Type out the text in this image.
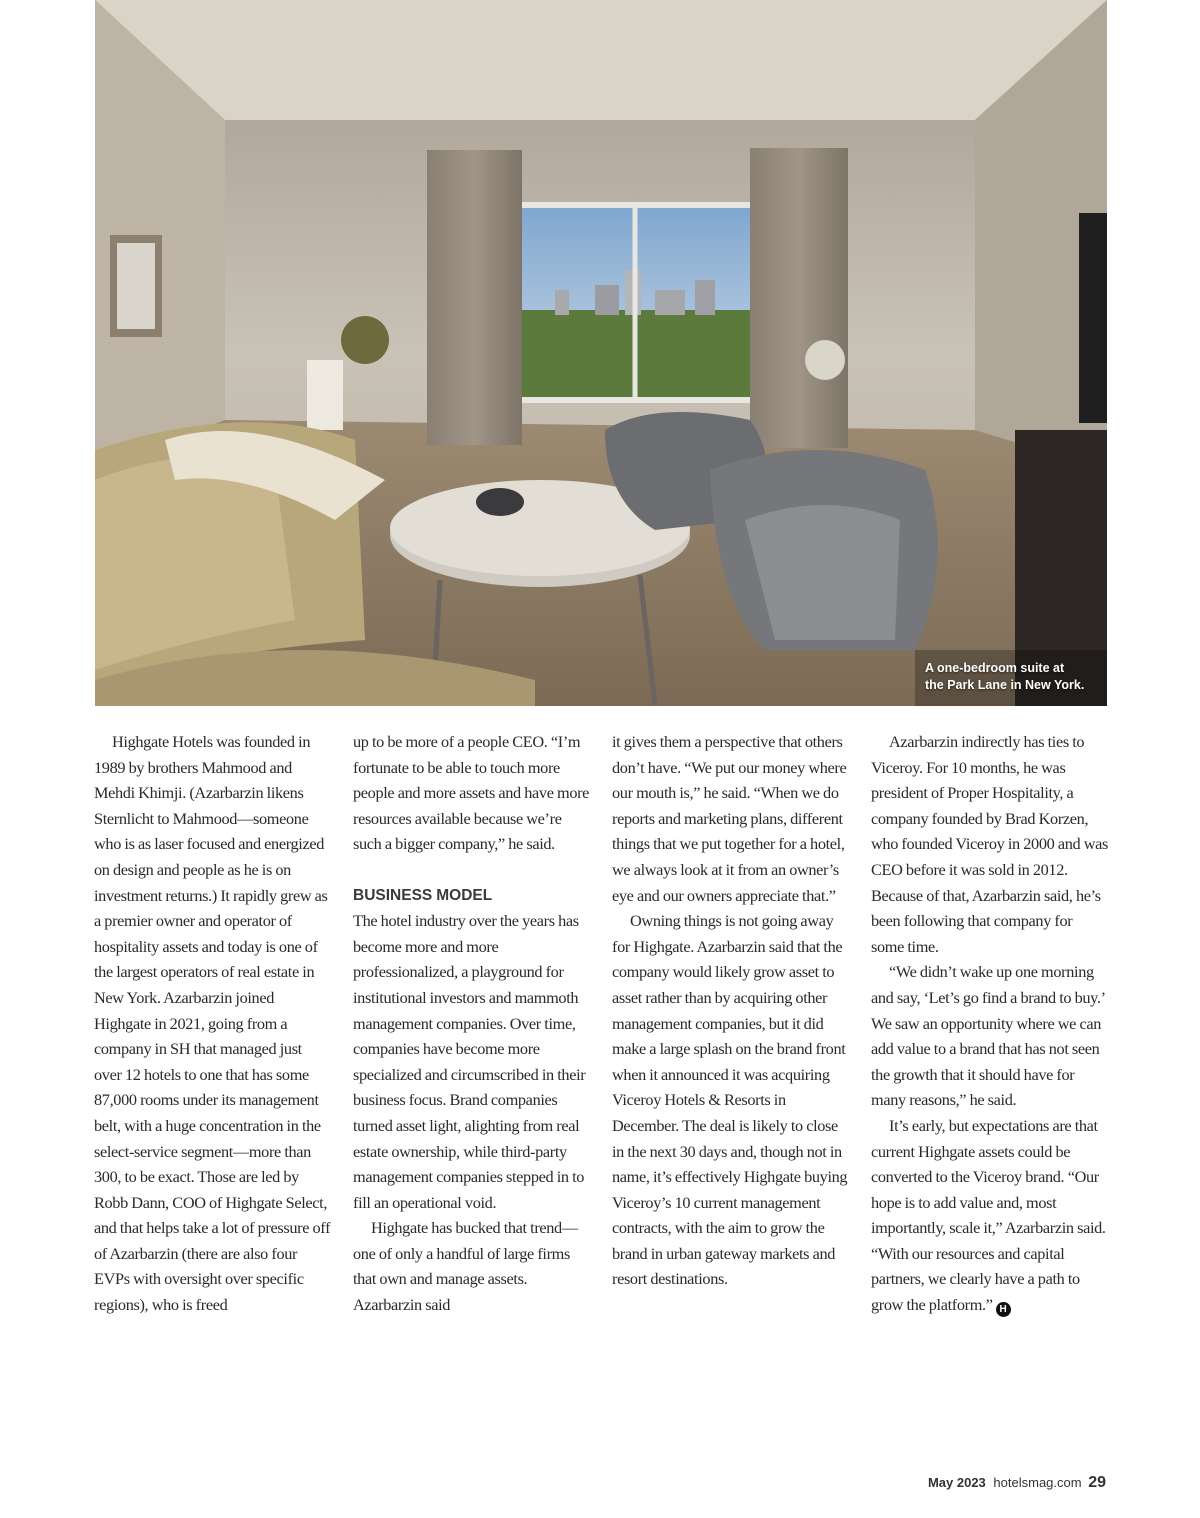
A one-bedroom suite at the Park Lane in New York.

Highgate Hotels was founded in 1989 by brothers Mahmood and Mehdi Khimji. (Azarbarzin likens Sternlicht to Mahmood—someone who is as laser focused and energized on design and people as he is on investment returns.) It rapidly grew as a premier owner and operator of hospitality assets and today is one of the largest operators of real estate in New York. Azarbarzin joined Highgate in 2021, going from a company in SH that managed just over 12 hotels to one that has some 87,000 rooms under its management belt, with a huge concentration in the select-service segment—more than 300, to be exact. Those are led by Robb Dann, COO of Highgate Select, and that helps take a lot of pressure off of Azarbarzin (there are also four EVPs with oversight over specific regions), who is freed

up to be more of a people CEO. “I’m fortunate to be able to touch more people and more assets and have more resources available because we’re such a bigger company,” he said.

BUSINESS MODEL

The hotel industry over the years has become more and more professionalized, a playground for institutional investors and mammoth management companies. Over time, companies have become more specialized and circumscribed in their business focus. Brand companies turned asset light, alighting from real estate ownership, while third-party management companies stepped in to fill an operational void.

Highgate has bucked that trend—one of only a handful of large firms that own and manage assets. Azarbarzin said

it gives them a perspective that others don’t have. “We put our money where our mouth is,” he said. “When we do reports and marketing plans, different things that we put together for a hotel, we always look at it from an owner’s eye and our owners appreciate that.”

Owning things is not going away for Highgate. Azarbarzin said that the company would likely grow asset to asset rather than by acquiring other management companies, but it did make a large splash on the brand front when it announced it was acquiring Viceroy Hotels & Resorts in December. The deal is likely to close in the next 30 days and, though not in name, it’s effectively Highgate buying Viceroy’s 10 current management contracts, with the aim to grow the brand in urban gateway markets and resort destinations.

Azarbarzin indirectly has ties to Viceroy. For 10 months, he was president of Proper Hospitality, a company founded by Brad Korzen, who founded Viceroy in 2000 and was CEO before it was sold in 2012. Because of that, Azarbarzin said, he’s been following that company for some time.

“We didn’t wake up one morning and say, ‘Let’s go find a brand to buy.’ We saw an opportunity where we can add value to a brand that has not seen the growth that it should have for many reasons,” he said.

It’s early, but expectations are that current Highgate assets could be converted to the Viceroy brand. “Our hope is to add value and, most importantly, scale it,” Azarbarzin said. “With our resources and capital partners, we clearly have a path to grow the platform.” H

May 2023 hotelsmag.com 29
